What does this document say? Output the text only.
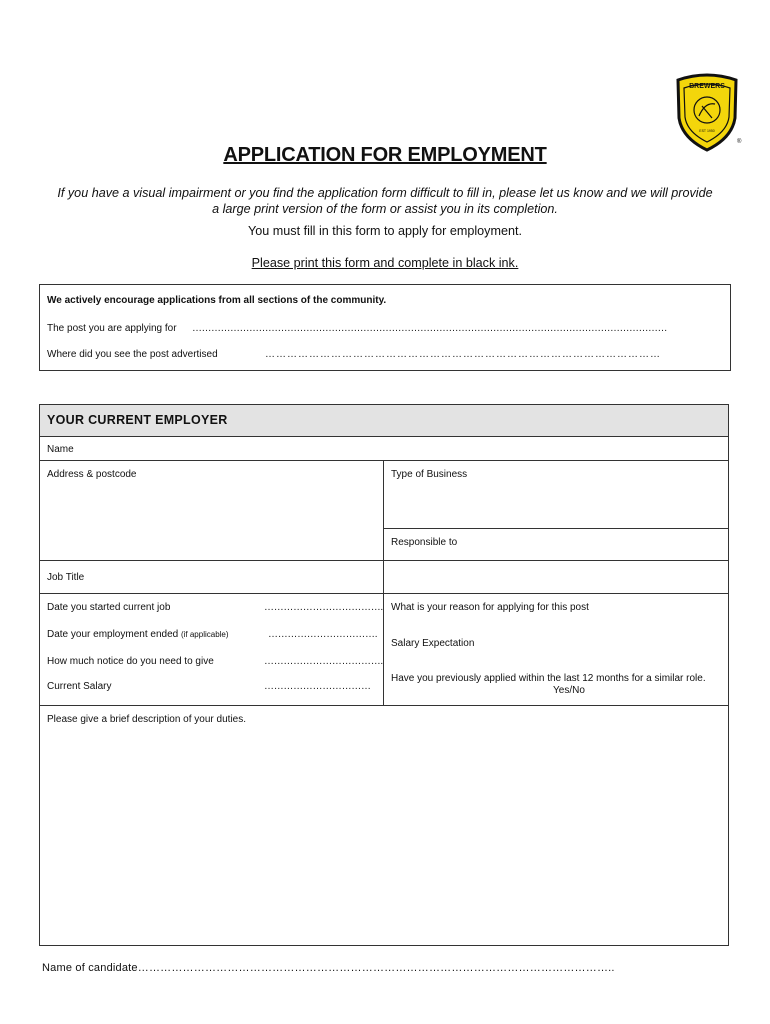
BREWERS
EST 1950
®
APPLICATION FOR EMPLOYMENT
If you have a visual impairment or you find the application form difficult to fill in, please let us know and we will provide a large print version of the form or assist you in its completion.
You must fill in this form to apply for employment.
Please print this form and complete in black ink.
We actively encourage applications from all sections of the community.
The post you are applying for ……………………………………………………………………………………………………………………………………
Where did you see the post advertised	………………………………………………………………………………………………
YOUR CURRENT EMPLOYER
Name
Address & postcode	Type of Business
Responsible to
Job Title
Date you started current job	……………………………….
Date your employment ended (if applicable)	…………………………….
How much notice do you need to give	……………………………….
Current Salary	……………………………
What is your reason for applying for this post
Salary Expectation
Have you previously applied within the last 12 months for a similar role.
Yes/No
Please give a brief description of your duties.
Name of candidate………………………………………………………………………………………………………………..
